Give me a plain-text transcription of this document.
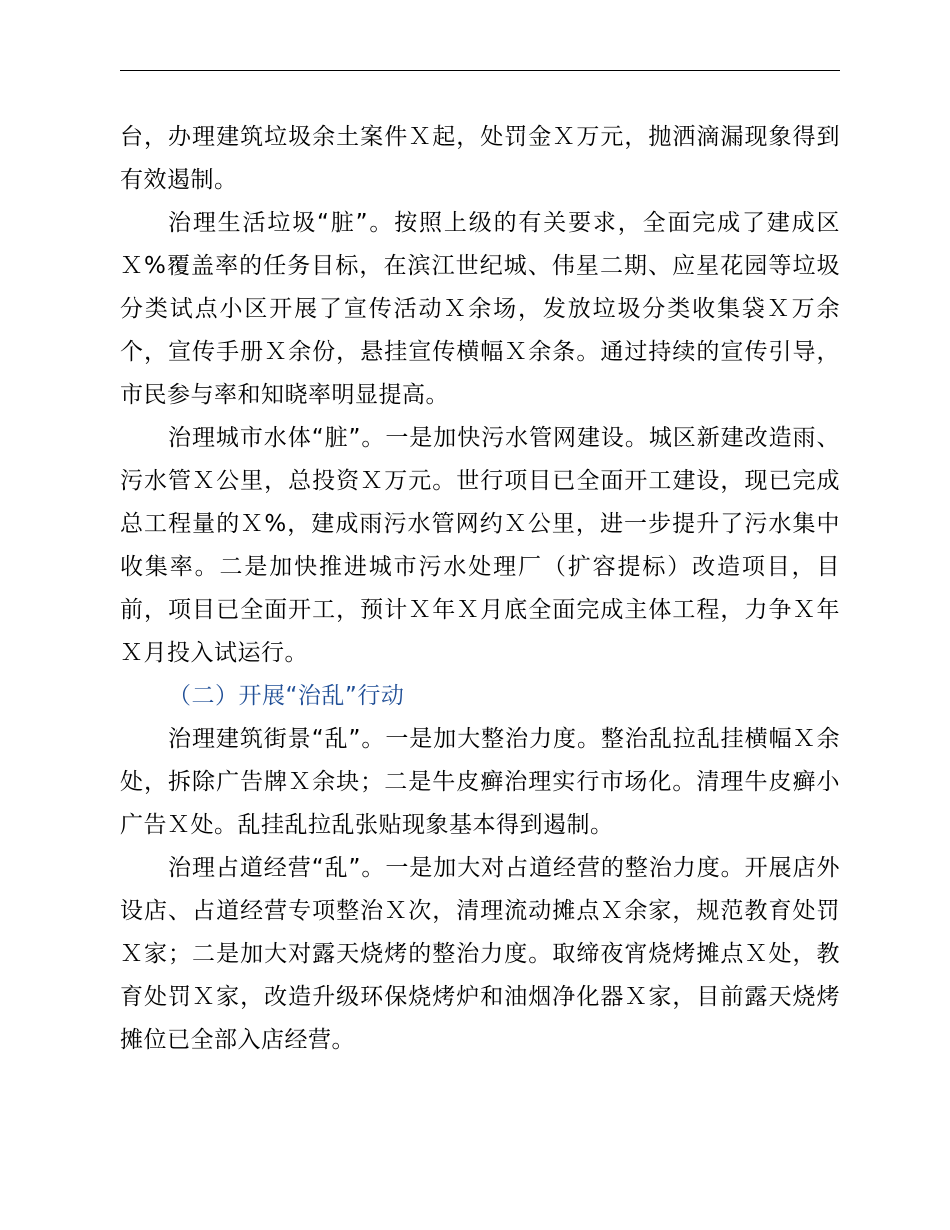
台，办理建筑垃圾余土案件Ｘ起，处罚金Ｘ万元，抛洒滴漏现象得到有效遏制。

治理生活垃圾“脏”。按照上级的有关要求，全面完成了建成区Ｘ%覆盖率的任务目标，在滨江世纪城、伟星二期、应星花园等垃圾分类试点小区开展了宣传活动Ｘ余场，发放垃圾分类收集袋Ｘ万余个，宣传手册Ｘ余份，悬挂宣传横幅Ｘ余条。通过持续的宣传引导，市民参与率和知晓率明显提高。

治理城市水体“脏”。一是加快污水管网建设。城区新建改造雨、污水管Ｘ公里，总投资Ｘ万元。世行项目已全面开工建设，现已完成总工程量的Ｘ%，建成雨污水管网约Ｘ公里，进一步提升了污水集中收集率。二是加快推进城市污水处理厂（扩容提标）改造项目，目前，项目已全面开工，预计Ｘ年Ｘ月底全面完成主体工程，力争Ｘ年Ｘ月投入试运行。

（二）开展“治乱”行动

治理建筑街景“乱”。一是加大整治力度。整治乱拉乱挂横幅Ｘ余处，拆除广告牌Ｘ余块；二是牛皮癣治理实行市场化。清理牛皮癣小广告Ｘ处。乱挂乱拉乱张贴现象基本得到遏制。

治理占道经营“乱”。一是加大对占道经营的整治力度。开展店外设店、占道经营专项整治Ｘ次，清理流动摊点Ｘ余家，规范教育处罚Ｘ家；二是加大对露天烧烤的整治力度。取缔夜宵烧烤摊点Ｘ处，教育处罚Ｘ家，改造升级环保烧烤炉和油烟净化器Ｘ家，目前露天烧烤摊位已全部入店经营。
